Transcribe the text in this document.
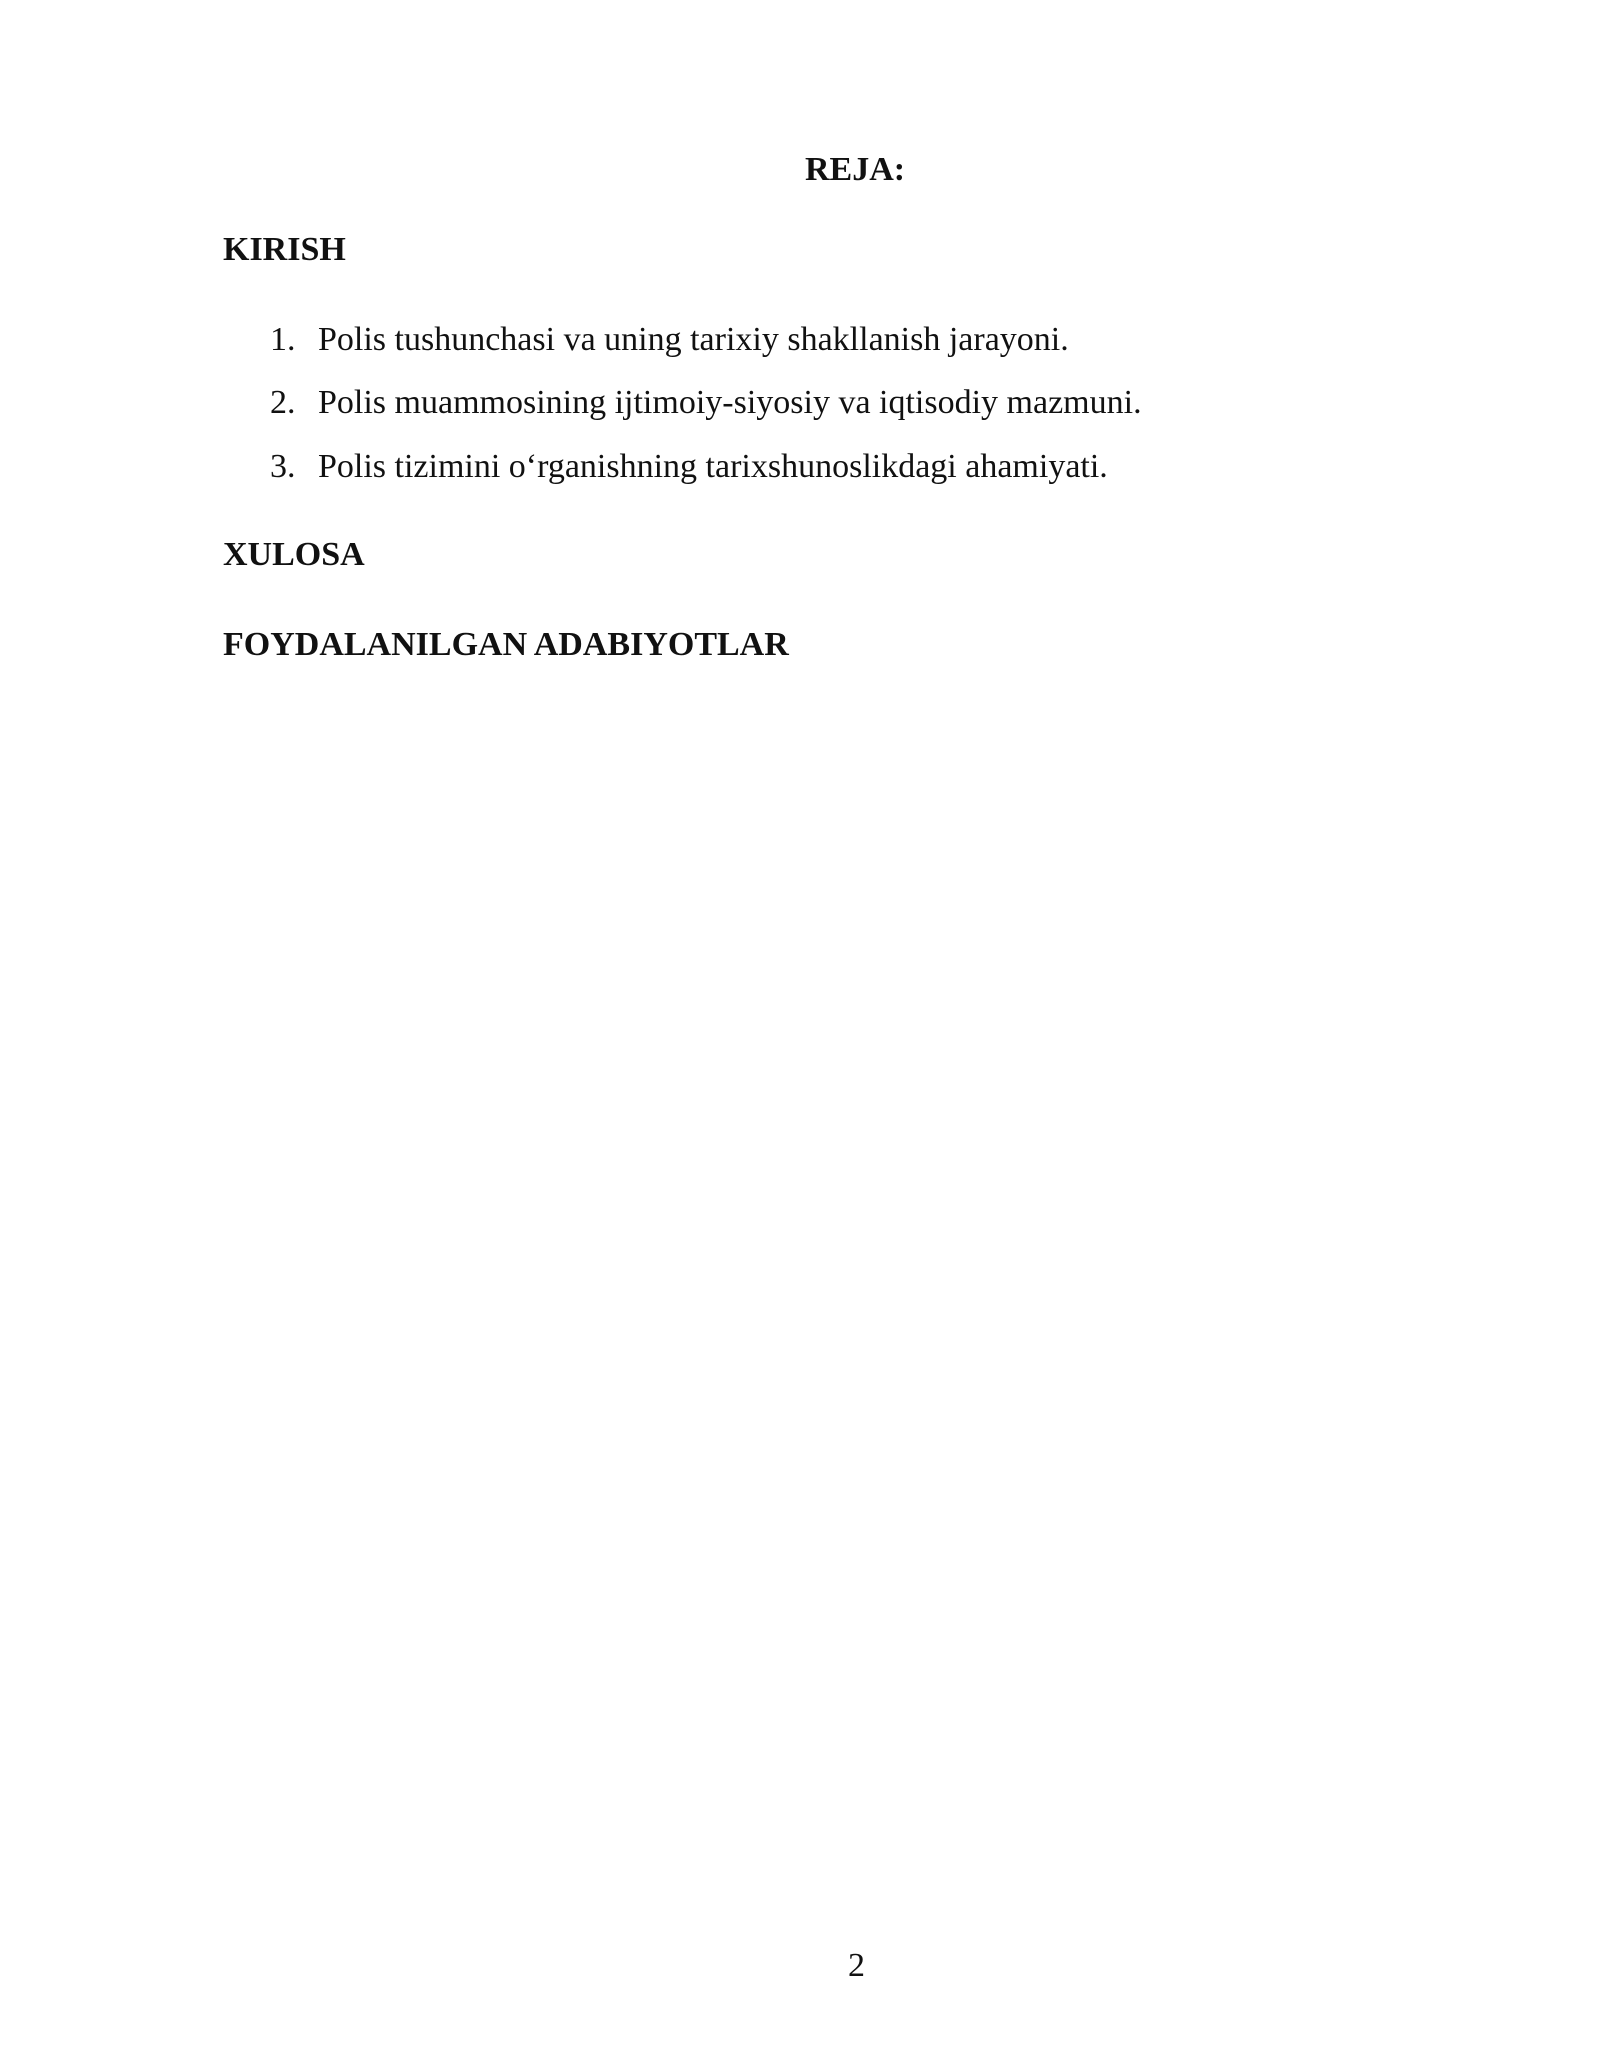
REJA:
KIRISH
1. Polis tushunchasi va uning tarixiy shakllanish jarayoni.
2. Polis muammosining ijtimoiy-siyosiy va iqtisodiy mazmuni.
3. Polis tizimini o‘rganishning tarixshunoslikdagi ahamiyati.
XULOSA
FOYDALANILGAN ADABIYOTLAR
2
